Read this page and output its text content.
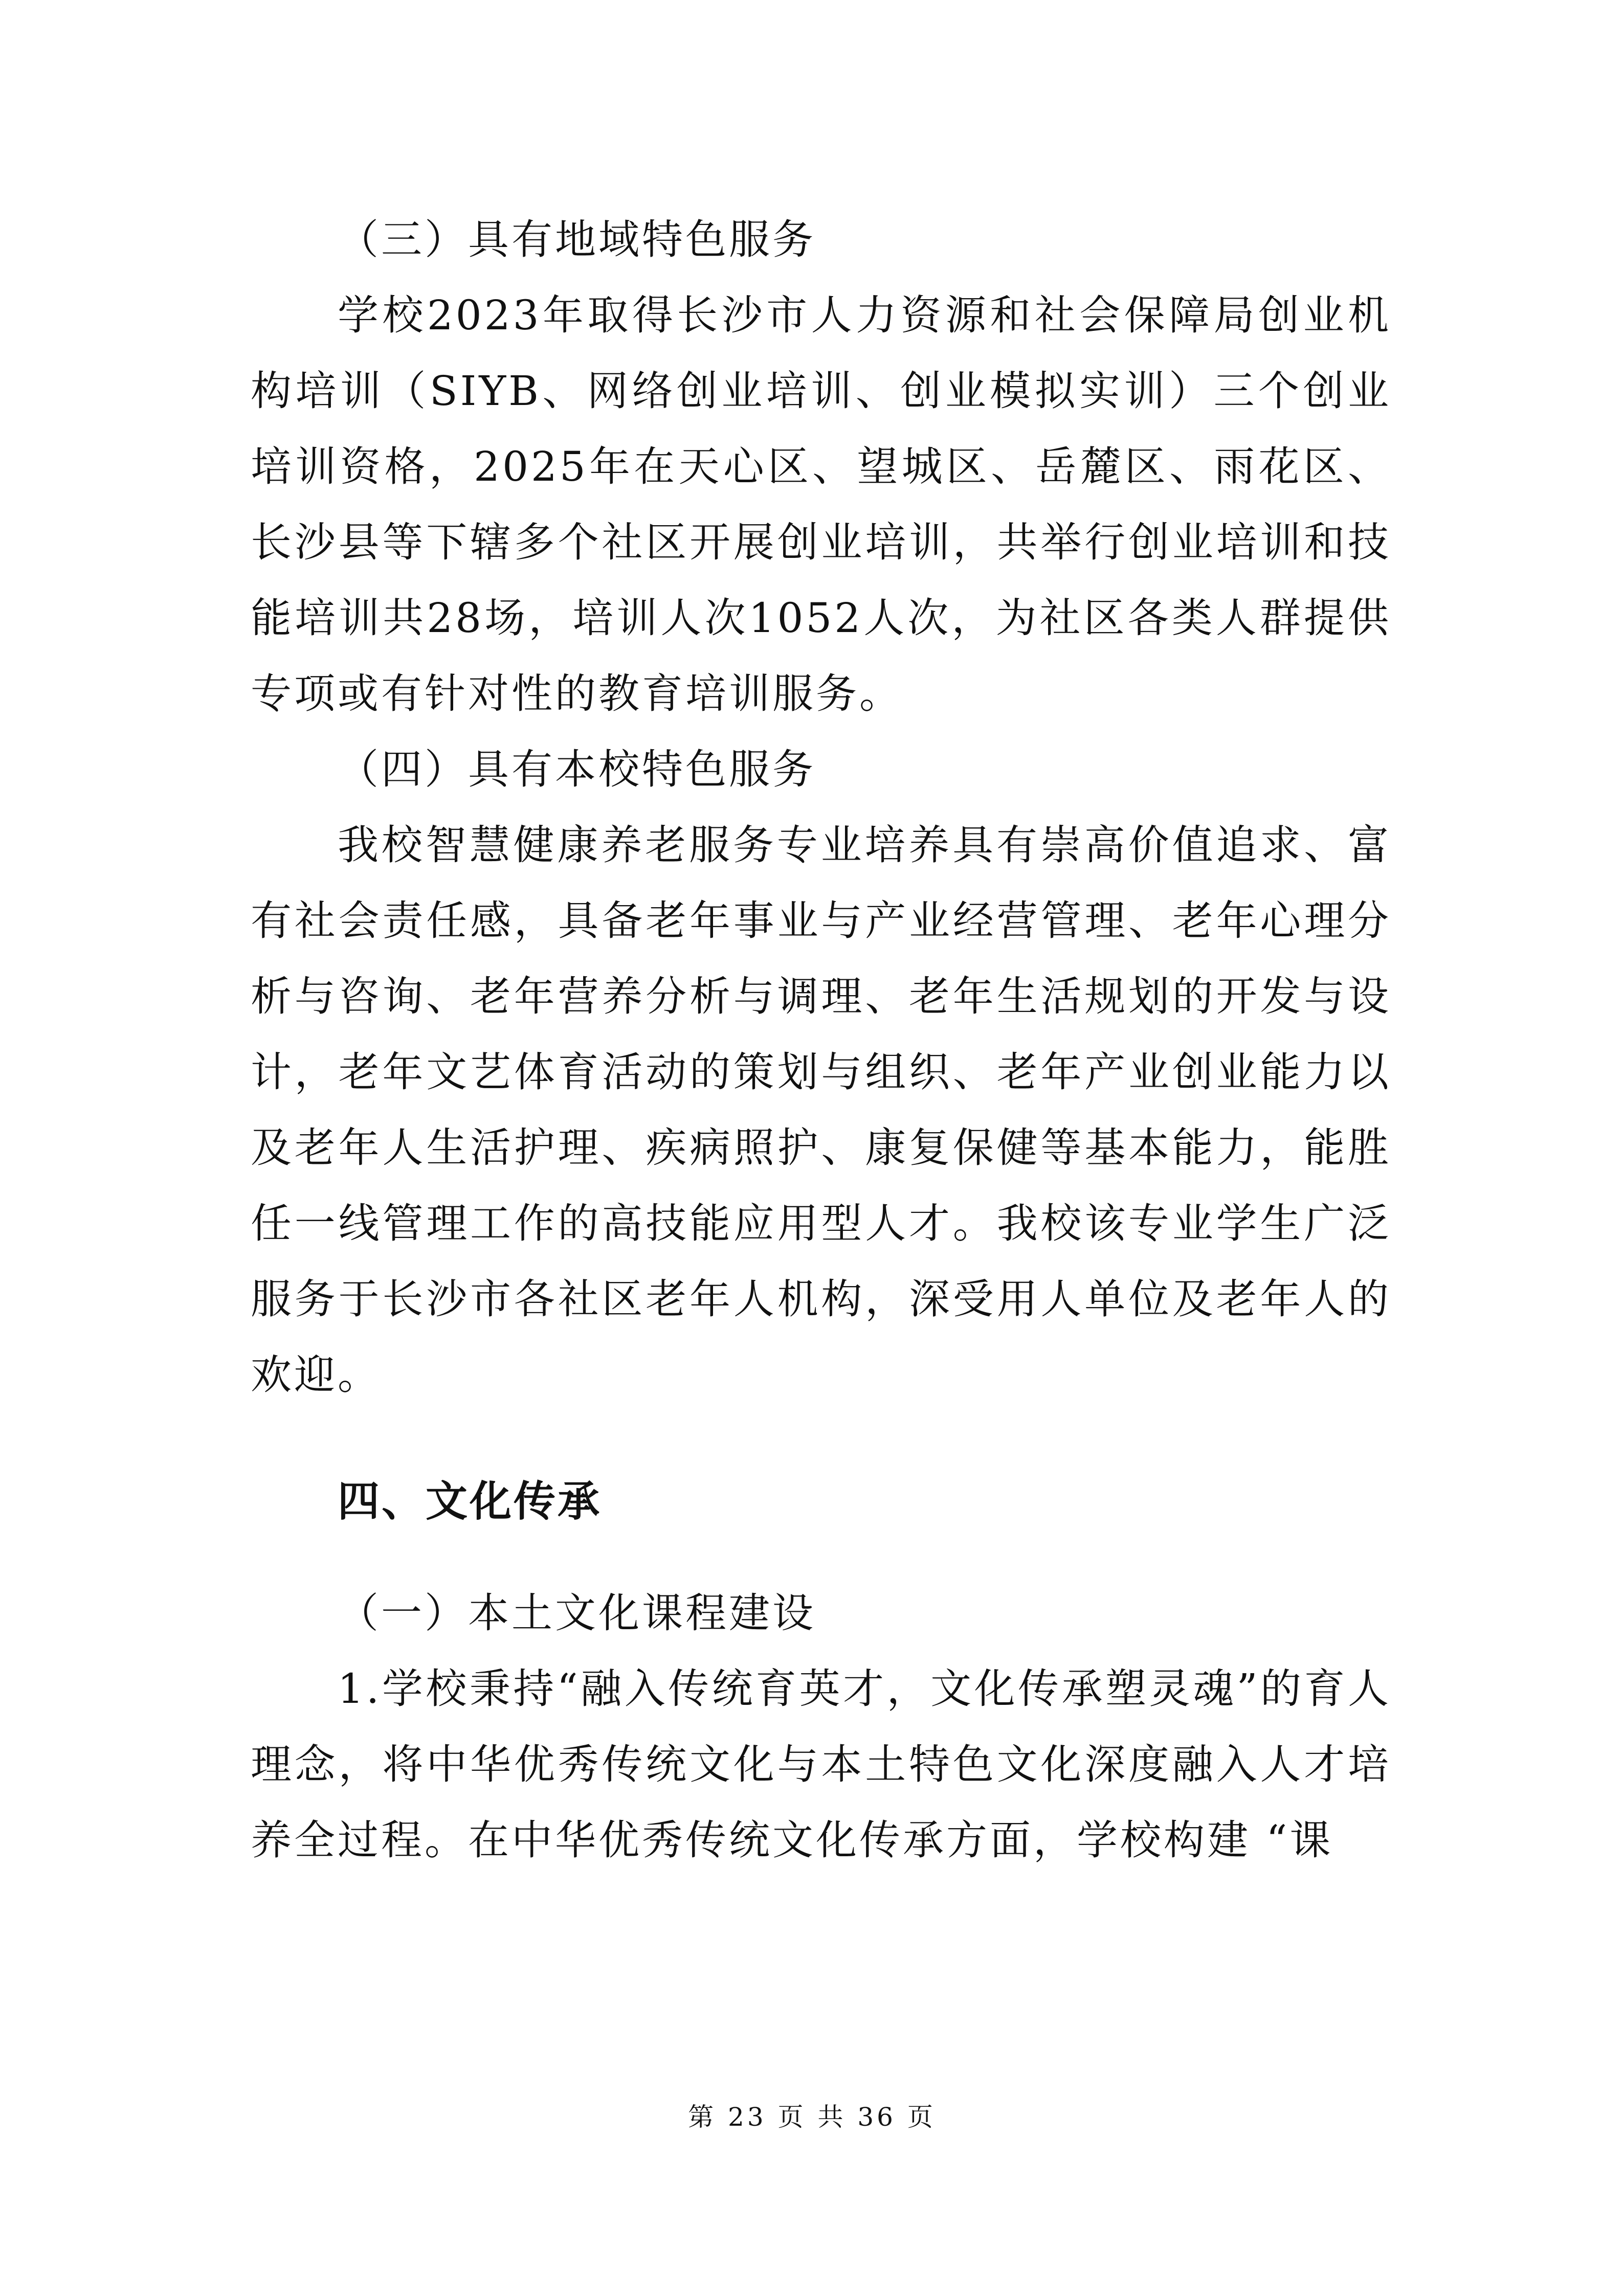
（三）具有地域特色服务

学校2023年取得长沙市人力资源和社会保障局创业机构培训（SIYB、网络创业培训、创业模拟实训）三个创业培训资格，2025年在天心区、望城区、岳麓区、雨花区、长沙县等下辖多个社区开展创业培训，共举行创业培训和技能培训共28场，培训人次1052人次，为社区各类人群提供专项或有针对性的教育培训服务。

（四）具有本校特色服务

我校智慧健康养老服务专业培养具有崇高价值追求、富有社会责任感，具备老年事业与产业经营管理、老年心理分析与咨询、老年营养分析与调理、老年生活规划的开发与设计，老年文艺体育活动的策划与组织、老年产业创业能力以及老年人生活护理、疾病照护、康复保健等基本能力，能胜任一线管理工作的高技能应用型人才。我校该专业学生广泛服务于长沙市各社区老年人机构，深受用人单位及老年人的欢迎。

四、文化传承

（一）本土文化课程建设

1.学校秉持“融入传统育英才，文化传承塑灵魂”的育人理念，将中华优秀传统文化与本土特色文化深度融入人才培养全过程。在中华优秀传统文化传承方面，学校构建 “课

第 23 页 共 36 页
